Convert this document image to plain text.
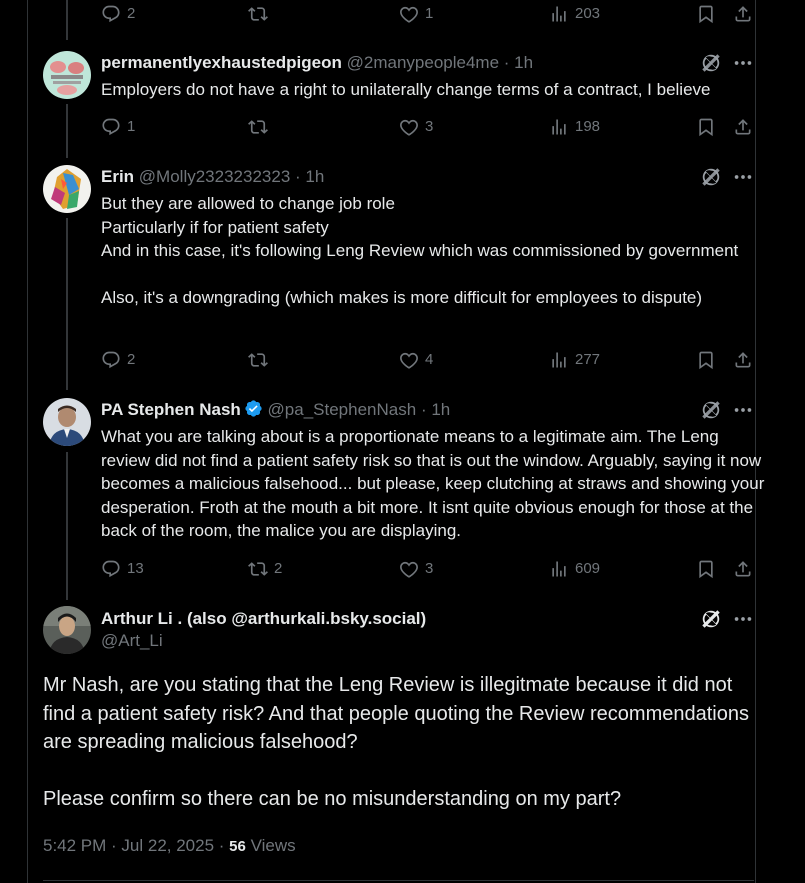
2	1	203
permanentlyexhaustedpigeon @2manypeople4me · 1h
Employers do not have a right to unilaterally change terms of a contract, I believe
1	3	198
Erin @Molly2323232323 · 1h
But they are allowed to change job role
Particularly if for patient safety
And in this case, it's following Leng Review which was commissioned by government

Also, it's a downgrading (which makes is more difficult for employees to dispute)
2	4	277
PA Stephen Nash @pa_StephenNash · 1h
What you are talking about is a proportionate means to a legitimate aim. The Leng review did not find a patient safety risk so that is out the window. Arguably, saying it now becomes a malicious falsehood... but please, keep clutching at straws and showing your desperation. Froth at the mouth a bit more. It isnt quite obvious enough for those at the back of the room, the malice you are displaying.
13	2	3	609
Arthur Li . (also @arthurkali.bsky.social)
@Art_Li
Mr Nash, are you stating that the Leng Review is illegitmate because it did not find a patient safety risk? And that people quoting the Review recommendations are spreading malicious falsehood?

Please confirm so there can be no misunderstanding on my part?
5:42 PM · Jul 22, 2025 · 56 Views
